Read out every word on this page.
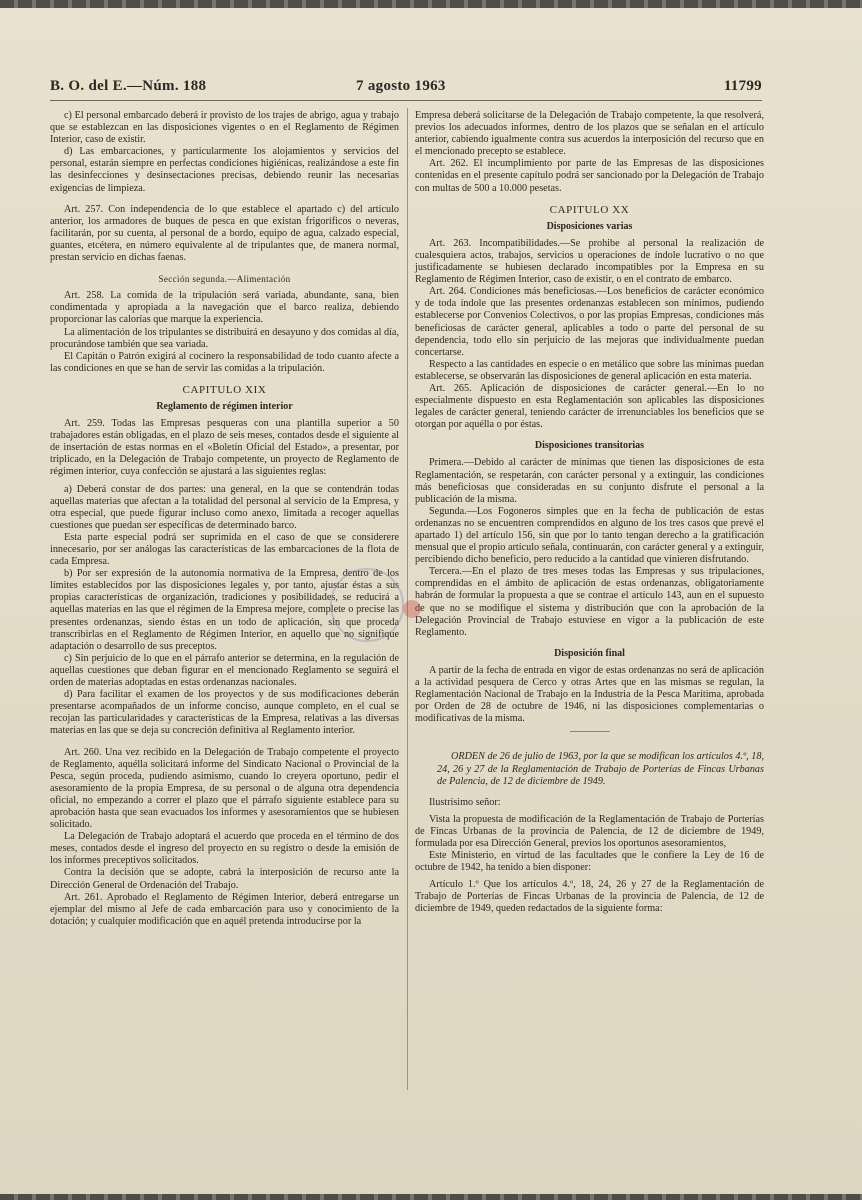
B. O. del E.—Núm. 188	7 agosto 1963	11799

c) El personal embarcado deberá ir provisto de los trajes de abrigo, agua y trabajo que se establezcan en las disposiciones vigentes o en el Reglamento de Régimen Interior, caso de existir.

d) Las embarcaciones, y particularmente los alojamientos y servicios del personal, estarán siempre en perfectas condiciones higiénicas, realizándose a este fin las desinfecciones y desinsectaciones precisas, debiendo reunir las necesarias exigencias de limpieza.

Art. 257. Con independencia de lo que establece el apartado c) del artículo anterior, los armadores de buques de pesca en que existan frigoríficos o neveras, facilitarán, por su cuenta, al personal de a bordo, equipo de agua, calzado especial, guantes, etcétera, en número equivalente al de tripulantes que, de manera normal, prestan servicio en dichas faenas.

Sección segunda.—Alimentación

Art. 258. La comida de la tripulación será variada, abundante, sana, bien condimentada y apropiada a la navegación que el barco realiza, debiendo proporcionar las calorías que marque la experiencia.

La alimentación de los tripulantes se distribuirá en desayuno y dos comidas al día, procurándose también que sea variada.

El Capitán o Patrón exigirá al cocinero la responsabilidad de todo cuanto afecte a las condiciones en que se han de servir las comidas a la tripulación.

CAPITULO XIX

Reglamento de régimen interior

Art. 259. Todas las Empresas pesqueras con una plantilla superior a 50 trabajadores están obligadas, en el plazo de seis meses, contados desde el siguiente al de insertación de estas normas en el «Boletín Oficial del Estado», a presentar, por triplicado, en la Delegación de Trabajo competente, un proyecto de Reglamento de régimen interior, cuya confección se ajustará a las siguientes reglas:

a) Deberá constar de dos partes: una general, en la que se contendrán todas aquellas materias que afectan a la totalidad del personal al servicio de la Empresa, y otra especial, que puede figurar incluso como anexo, limitada a recoger aquellas cuestiones que puedan ser específicas de determinado barco.

Esta parte especial podrá ser suprimida en el caso de que se considerere innecesario, por ser análogas las características de las embarcaciones de la flota de cada Empresa.

b) Por ser expresión de la autonomía normativa de la Empresa, dentro de los límites establecidos por las disposiciones legales y, por tanto, ajustar éstas a sus propias características de organización, tradiciones y posibilidades, se reducirá a aquellas materias en las que el régimen de la Empresa mejore, complete o precise las presentes ordenanzas, siendo éstas en un todo de aplicación, sin que proceda transcribirlas en el Reglamento de Régimen Interior, en aquello que no signifique adaptación o desarrollo de sus preceptos.

c) Sin perjuicio de lo que en el párrafo anterior se determina, en la regulación de aquellas cuestiones que deban figurar en el mencionado Reglamento se seguirá el orden de materias adoptadas en estas ordenanzas nacionales.

d) Para facilitar el examen de los proyectos y de sus modificaciones deberán presentarse acompañados de un informe conciso, aunque completo, en el cual se recojan las particularidades y características de la Empresa, relativas a las diversas materias en las que se deja su concreción definitiva al Reglamento interior.

Art. 260. Una vez recibido en la Delegación de Trabajo competente el proyecto de Reglamento, aquélla solicitará informe del Sindicato Nacional o Provincial de la Pesca, según proceda, pudiendo asimismo, cuando lo creyera oportuno, pedir el asesoramiento de la propia Empresa, de su personal o de alguna otra dependencia oficial, no empezando a correr el plazo que el párrafo siguiente establece para su aprobación hasta que sean evacuados los informes y asesoramientos que se hubiesen solicitado.

La Delegación de Trabajo adoptará el acuerdo que proceda en el término de dos meses, contados desde el ingreso del proyecto en su registro o desde la emisión de los informes preceptivos solicitados.

Contra la decisión que se adopte, cabrá la interposición de recurso ante la Dirección General de Ordenación del Trabajo.

Art. 261. Aprobado el Reglamento de Régimen Interior, deberá entregarse un ejemplar del mismo al Jefe de cada embarcación para uso y conocimiento de la dotación; y cualquier modificación que en aquél pretenda introducirse por la

Empresa deberá solicitarse de la Delegación de Trabajo competente, la que resolverá, previos los adecuados informes, dentro de los plazos que se señalan en el artículo anterior, cabiendo igualmente contra sus acuerdos la interposición del recurso que en el mencionado precepto se establece.

Art. 262. El incumplimiento por parte de las Empresas de las disposiciones contenidas en el presente capítulo podrá ser sancionado por la Delegación de Trabajo con multas de 500 a 10.000 pesetas.

CAPITULO XX

Disposiciones varias

Art. 263. Incompatibilidades.—Se prohibe al personal la realización de cualesquiera actos, trabajos, servicios u operaciones de índole lucrativo o no que justificadamente se hubiesen declarado incompatibles por la Empresa en su Reglamento de Régimen Interior, caso de existir, o en el contrato de embarco.

Art. 264. Condiciones más beneficiosas.—Los beneficios de carácter económico y de toda índole que las presentes ordenanzas establecen son mínimos, pudiendo establecerse por Convenios Colectivos, o por las propias Empresas, condiciones más beneficiosas de carácter general, aplicables a todo o parte del personal de su dependencia, todo ello sin perjuicio de las mejoras que individualmente puedan concertarse.

Respecto a las cantidades en especie o en metálico que sobre las mínimas puedan establecerse, se observarán las disposiciones de general aplicación en esta materia.

Art. 265. Aplicación de disposiciones de carácter general.—En lo no especialmente dispuesto en esta Reglamentación son aplicables las disposiciones legales de carácter general, teniendo carácter de irrenunciables los beneficios que se otorgan por aquélla o por éstas.

Disposiciones transitorias

Primera.—Debido al carácter de mínimas que tienen las disposiciones de esta Reglamentación, se respetarán, con carácter personal y a extinguir, las condiciones más beneficiosas que consideradas en su conjunto disfrute el personal a la publicación de la misma.

Segunda.—Los Fogoneros simples que en la fecha de publicación de estas ordenanzas no se encuentren comprendidos en alguno de los tres casos que prevé el apartado 1) del artículo 156, sin que por lo tanto tengan derecho a la gratificación mensual que el propio artículo señala, continuarán, con carácter general y a extinguir, percibiendo dicho beneficio, pero reducido a la cantidad que vinieren disfrutando.

Tercera.—En el plazo de tres meses todas las Empresas y sus tripulaciones, comprendidas en el ámbito de aplicación de estas ordenanzas, obligatoriamente habrán de formular la propuesta a que se contrae el artículo 143, aun en el supuesto de que no se modifique el sistema y distribución que con la aprobación de la Delegación Provincial de Trabajo estuviese en vigor a la publicación de este Reglamento.

Disposición final

A partir de la fecha de entrada en vigor de estas ordenanzas no será de aplicación a la actividad pesquera de Cerco y otras Artes que en las mismas se regulan, la Reglamentación Nacional de Trabajo en la Industria de la Pesca Marítima, aprobada por Orden de 28 de octubre de 1946, ni las disposiciones complementarias o modificativas de la misma.

ORDEN de 26 de julio de 1963, por la que se modifican los artículos 4.º, 18, 24, 26 y 27 de la Reglamentación de Trabajo de Porterías de Fincas Urbanas de Palencia, de 12 de diciembre de 1949.

Ilustrísimo señor:

Vista la propuesta de modificación de la Reglamentación de Trabajo de Porterías de Fincas Urbanas de la provincia de Palencia, de 12 de diciembre de 1949, formulada por esa Dirección General, previos los oportunos asesoramientos,

Este Ministerio, en virtud de las facultades que le confiere la Ley de 16 de octubre de 1942, ha tenido a bien disponer:

Artículo 1.º Que los artículos 4.º, 18, 24, 26 y 27 de la Reglamentación de Trabajo de Porterías de Fincas Urbanas de la provincia de Palencia, de 12 de diciembre de 1949, queden redactados de la siguiente forma:
